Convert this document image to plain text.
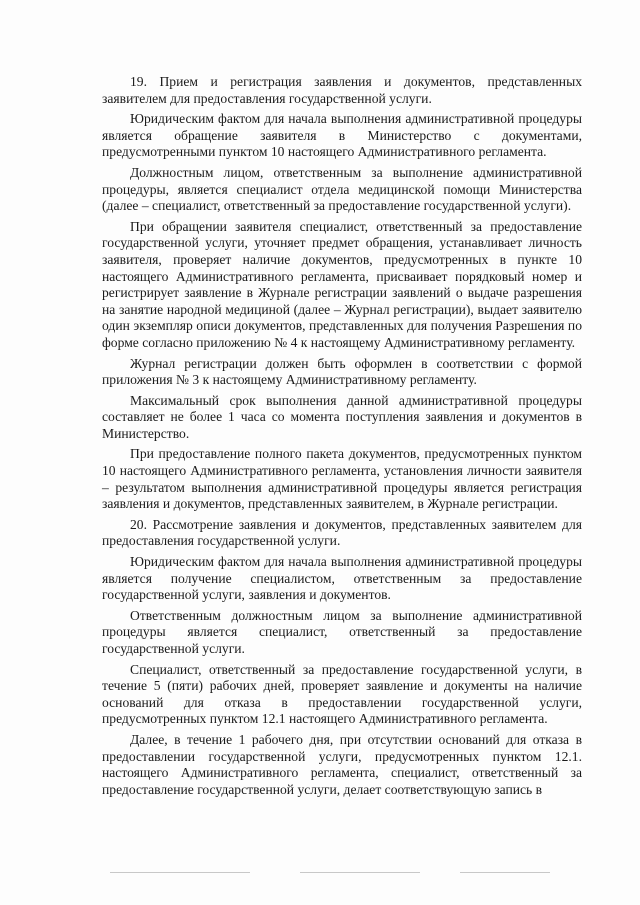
19. Прием и регистрация заявления и документов, представленных заявителем для предоставления государственной услуги.

Юридическим фактом для начала выполнения административной процедуры является обращение заявителя в Министерство с документами, предусмотренными пунктом 10 настоящего Административного регламента.

Должностным лицом, ответственным за выполнение административной процедуры, является специалист отдела медицинской помощи Министерства (далее – специалист, ответственный за предоставление государственной услуги).

При обращении заявителя специалист, ответственный за предоставление государственной услуги, уточняет предмет обращения, устанавливает личность заявителя, проверяет наличие документов, предусмотренных в пункте 10 настоящего Административного регламента, присваивает порядковый номер и регистрирует заявление в Журнале регистрации заявлений о выдаче разрешения на занятие народной медициной (далее – Журнал регистрации), выдает заявителю один экземпляр описи документов, представленных для получения Разрешения по форме согласно приложению № 4 к настоящему Административному регламенту.

Журнал регистрации должен быть оформлен в соответствии с формой приложения № 3 к настоящему Административному регламенту.

Максимальный срок выполнения данной административной процедуры составляет не более 1 часа со момента поступления заявления и документов в Министерство.

При предоставление полного пакета документов, предусмотренных пунктом 10 настоящего Административного регламента, установления личности заявителя – результатом выполнения административной процедуры является регистрация заявления и документов, представленных заявителем, в Журнале регистрации.

20. Рассмотрение заявления и документов, представленных заявителем для предоставления государственной услуги.

Юридическим фактом для начала выполнения административной процедуры является получение специалистом, ответственным за предоставление государственной услуги, заявления и документов.

Ответственным должностным лицом за выполнение административной процедуры является специалист, ответственный за предоставление государственной услуги.

Специалист, ответственный за предоставление государственной услуги, в течение 5 (пяти) рабочих дней, проверяет заявление и документы на наличие оснований для отказа в предоставлении государственной услуги, предусмотренных пунктом 12.1 настоящего Административного регламента.

Далее, в течение 1 рабочего дня, при отсутствии оснований для отказа в предоставлении государственной услуги, предусмотренных пунктом 12.1. настоящего Административного регламента, специалист, ответственный за предоставление государственной услуги, делает соответствующую запись в
